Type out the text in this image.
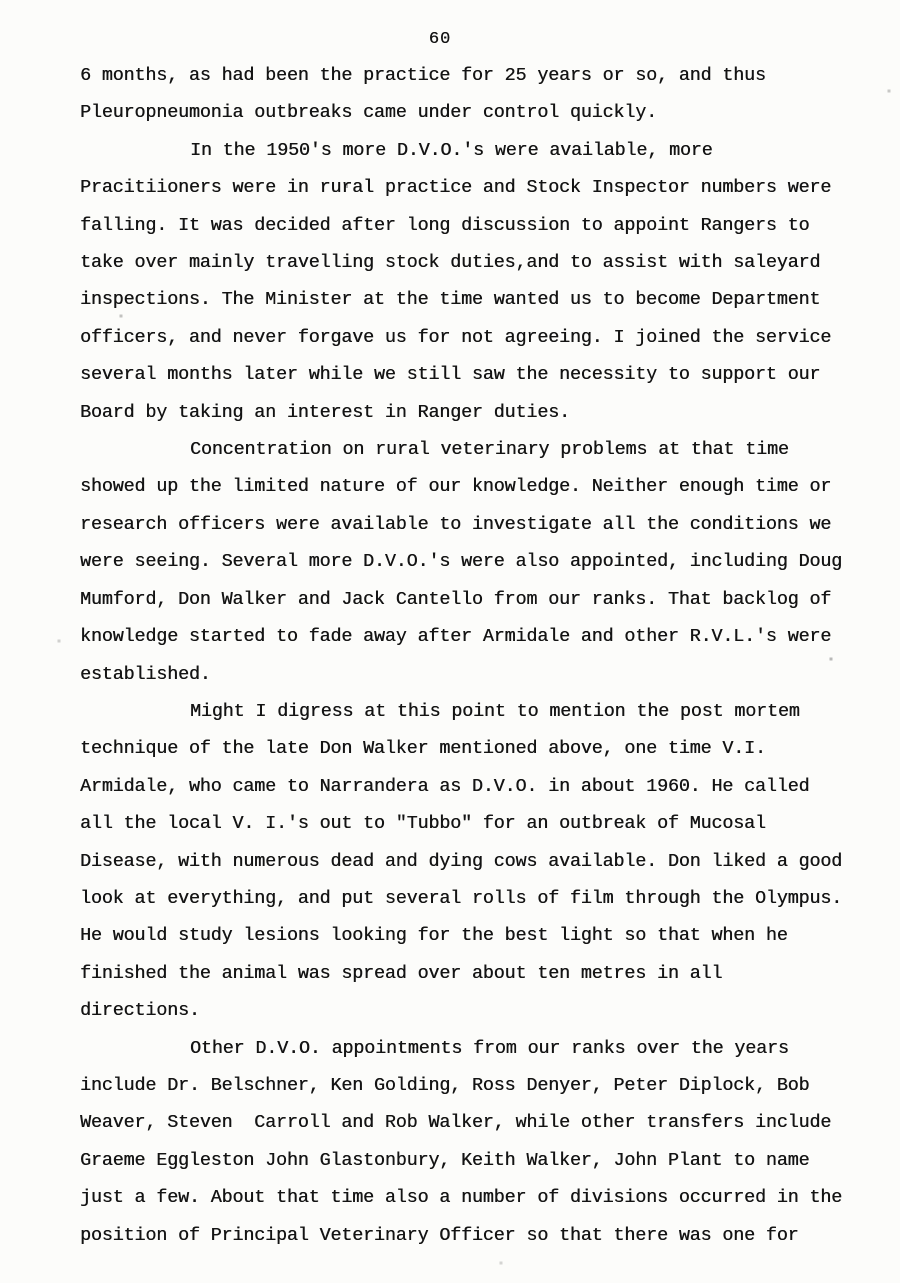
60
6 months, as had been the practice for 25 years or so, and thus
Pleuropneumonia outbreaks came under control quickly.
In the 1950's more D.V.O.'s were available, more
Pracitiioners were in rural practice and Stock Inspector numbers were
falling. It was decided after long discussion to appoint Rangers to
take over mainly travelling stock duties,and to assist with saleyard
inspections. The Minister at the time wanted us to become Department
officers, and never forgave us for not agreeing. I joined the service
several months later while we still saw the necessity to support our
Board by taking an interest in Ranger duties.
Concentration on rural veterinary problems at that time
showed up the limited nature of our knowledge. Neither enough time or
research officers were available to investigate all the conditions we
were seeing. Several more D.V.O.'s were also appointed, including Doug
Mumford, Don Walker and Jack Cantello from our ranks. That backlog of
knowledge started to fade away after Armidale and other R.V.L.'s were
established.
Might I digress at this point to mention the post mortem
technique of the late Don Walker mentioned above, one time V.I.
Armidale, who came to Narrandera as D.V.O. in about 1960. He called
all the local V. I.'s out to "Tubbo" for an outbreak of Mucosal
Disease, with numerous dead and dying cows available. Don liked a good
look at everything, and put several rolls of film through the Olympus.
He would study lesions looking for the best light so that when he
finished the animal was spread over about ten metres in all
directions.
Other D.V.O. appointments from our ranks over the years
include Dr. Belschner, Ken Golding, Ross Denyer, Peter Diplock, Bob
Weaver, Steven  Carroll and Rob Walker, while other transfers include
Graeme Eggleston John Glastonbury, Keith Walker, John Plant to name
just a few. About that time also a number of divisions occurred in the
position of Principal Veterinary Officer so that there was one for
